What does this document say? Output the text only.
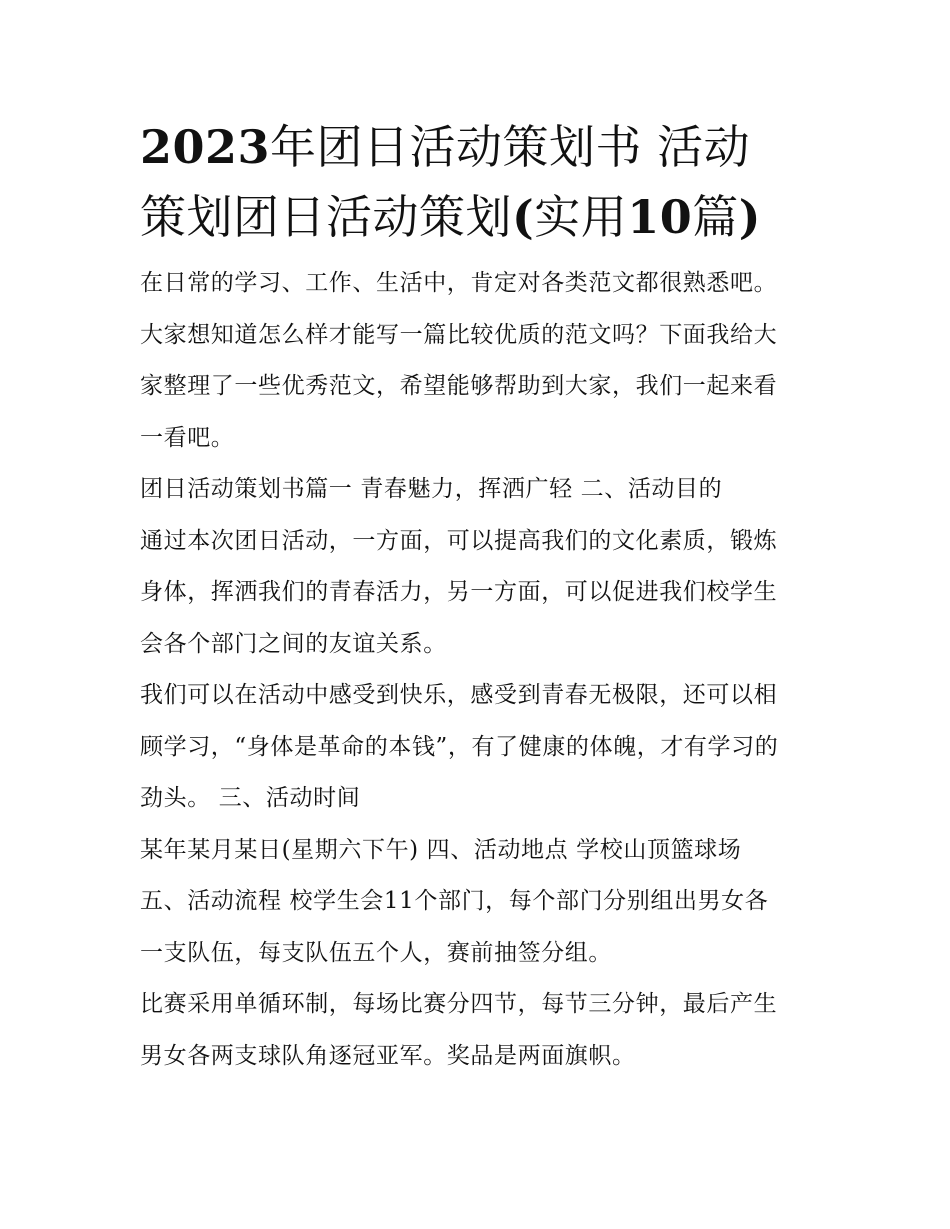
2023年团日活动策划书 活动
策划团日活动策划(实用10篇)

在日常的学习、工作、生活中，肯定对各类范文都很熟悉吧。
大家想知道怎么样才能写一篇比较优质的范文吗？下面我给大
家整理了一些优秀范文，希望能够帮助到大家，我们一起来看
一看吧。

团日活动策划书篇一 青春魅力，挥洒广轻 二、活动目的

通过本次团日活动，一方面，可以提高我们的文化素质，锻炼
身体，挥洒我们的青春活力，另一方面，可以促进我们校学生
会各个部门之间的友谊关系。

我们可以在活动中感受到快乐，感受到青春无极限，还可以相
顾学习，“身体是革命的本钱”，有了健康的体魄，才有学习的
劲头。 三、活动时间

某年某月某日(星期六下午) 四、活动地点 学校山顶篮球场

五、活动流程 校学生会11个部门，每个部门分别组出男女各
一支队伍，每支队伍五个人，赛前抽签分组。

比赛采用单循环制，每场比赛分四节，每节三分钟，最后产生
男女各两支球队角逐冠亚军。奖品是两面旗帜。
